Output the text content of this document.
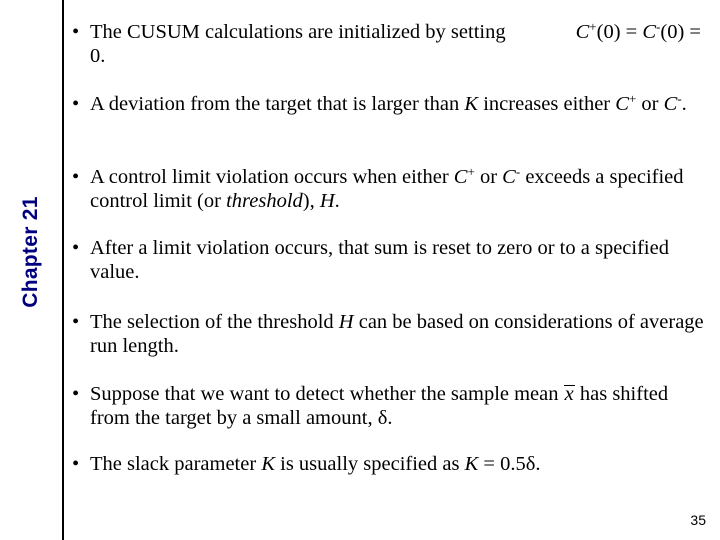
Chapter 21
• The CUSUM calculations are initialized by setting	C+(0) = C-(0) = 0.
• A deviation from the target that is larger than K increases either C+ or C-.
• A control limit violation occurs when either C+ or C- exceeds a specified control limit (or threshold), H.
• After a limit violation occurs, that sum is reset to zero or to a specified value.
• The selection of the threshold H can be based on considerations of average run length.
• Suppose that we want to detect whether the sample mean x has shifted from the target by a small amount, δ.
• The slack parameter K is usually specified as K = 0.5δ.
35
